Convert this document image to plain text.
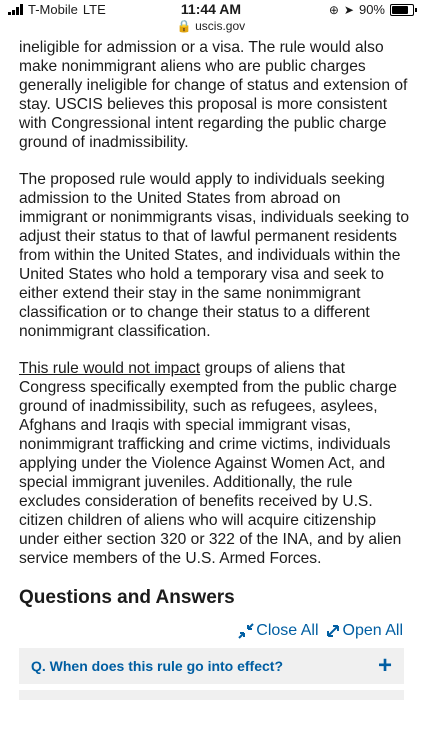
T-Mobile LTE	11:44 AM
🔒 uscis.gov
⊕ ➤ 90%

ineligible for admission or a visa. The rule would also make nonimmigrant aliens who are public charges generally ineligible for change of status and extension of stay. USCIS believes this proposal is more consistent with Congressional intent regarding the public charge ground of inadmissibility.

The proposed rule would apply to individuals seeking admission to the United States from abroad on immigrant or nonimmigrants visas, individuals seeking to adjust their status to that of lawful permanent residents from within the United States, and individuals within the United States who hold a temporary visa and seek to either extend their stay in the same nonimmigrant classification or to change their status to a different nonimmigrant classification.

This rule would not impact groups of aliens that Congress specifically exempted from the public charge ground of inadmissibility, such as refugees, asylees, Afghans and Iraqis with special immigrant visas, nonimmigrant trafficking and crime victims, individuals applying under the Violence Against Women Act, and special immigrant juveniles. Additionally, the rule excludes consideration of benefits received by U.S. citizen children of aliens who will acquire citizenship under either section 320 or 322 of the INA, and by alien service members of the U.S. Armed Forces.

Questions and Answers
Close All Open All
Q. When does this rule go into effect?	+
